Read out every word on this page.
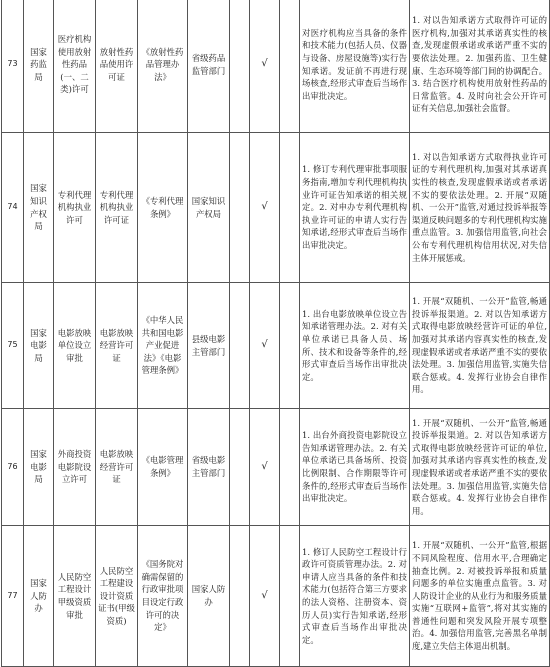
73	国家药监局	医疗机构使用放射性药品(一、二类)许可	放射性药品使用许可证	《放射性药品管理办法》	省级药品监管部门		√		对医疗机构应当具备的条件和技术能力(包括人员、仪器与设备、房屋设施等)实行告知承诺。发证前不再进行现场核查,经形式审查后当场作出审批决定。	1. 对以告知承诺方式取得许可证的医疗机构,加强对其承诺真实性的核查,发现虚假承诺或承诺严重不实的要依法处理。2. 加强药监、卫生健康、生态环境等部门间的协调配合。3. 结合医疗机构使用放射性药品的日常监管。4. 及时向社会公开许可证有关信息,加强社会监督。
74	国家知识产权局	专利代理机构执业许可	专利代理机构执业许可证	《专利代理条例》	国家知识产权局		√		1. 修订专利代理审批事项服务指南,增加专利代理机构执业许可证告知承诺的相关规定。2. 对申办专利代理机构执业许可证的申请人实行告知承诺,经形式审查后当场作出审批决定。	1. 对以告知承诺方式取得执业许可证的专利代理机构,加强对其承诺真实性的核查,发现虚假承诺或者承诺不实的要依法处理。2. 开展“双随机、一公开”监管,对通过投诉举报等渠道反映问题多的专利代理机构实施重点监管。3. 加强信用监管,向社会公布专利代理机构信用状况,对失信主体开展惩戒。
75	国家电影局	电影放映单位设立审批	电影放映经营许可证	《中华人民共和国电影产业促进法》《电影管理条例》	县级电影主管部门		√		1. 出台电影放映单位设立告知承诺管理办法。2. 对有关单位承诺已具备人员、场所、技术和设备等条件的,经形式审查后当场作出审批决定。	1. 开展“双随机、一公开”监管,畅通投诉举报渠道。2. 对以告知承诺方式取得电影放映经营许可证的单位,加强对其承诺内容真实性的核查,发现虚假承诺或者承诺严重不实的要依法处理。3. 加强信用监管,实施失信联合惩戒。4. 发挥行业协会自律作用。
76	国家电影局	外商投资电影院设立许可	电影放映经营许可证	《电影管理条例》	省级电影主管部门		√		1. 出台外商投资电影院设立告知承诺管理办法。2. 有关单位承诺已具备场所、投资比例限制、合作期限等许可条件的,经形式审查后当场作出审批决定。	1. 开展“双随机、一公开”监管,畅通投诉举报渠道。2. 对以告知承诺方式取得电影放映经营许可证的单位,加强对其承诺内容真实性的核查,发现虚假承诺或者承诺严重不实的要依法处理。3. 加强信用监管,实施失信联合惩戒。4. 发挥行业协会自律作用。
77	国家人防办	人民防空工程设计甲级资质审批	人民防空工程建设设计资质证书(甲级资质)	《国务院对确需保留的行政审批项目设定行政许可的决定》	国家人防办		√		1. 修订人民防空工程设计行政许可资质管理办法。2. 对申请人应当具备的条件和技术能力(包括符合第三方要求的法人资格、注册资本、资历人员)实行告知承诺,经形式审查后当场作出审批决定。	1. 开展“双随机、一公开”监管,根据不同风险程度、信用水平,合理确定抽查比例。2. 对被投诉举报和质量问题多的单位实施重点监管。3. 对人防设计企业的从业行为和服务质量实施“互联网+监管”,将对其实施的普通性问题和突发风险开展专项整治。4. 加强信用监管,完善黑名单制度,建立失信主体退出机制。
